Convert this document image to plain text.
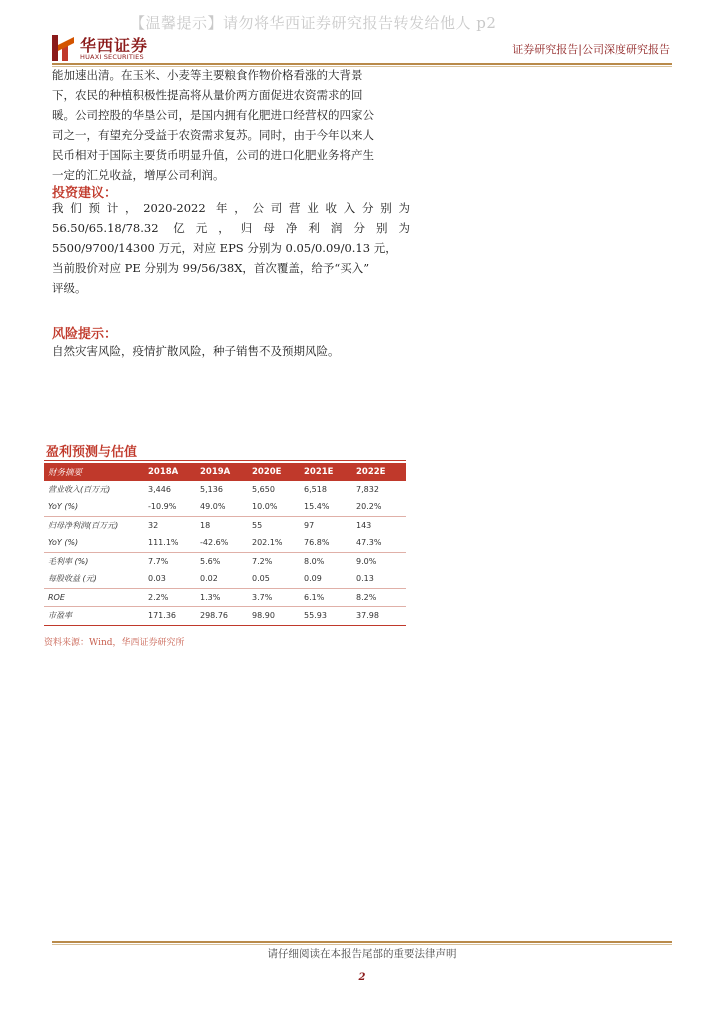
【温馨提示】请勿将华西证券研究报告转发给他人 p2
华西证券
HUAXI SECURITIES
证券研究报告|公司深度研究报告
能加速出清。在玉米、小麦等主要粮食作物价格看涨的大背景
下，农民的种植积极性提高将从量价两方面促进农资需求的回
暖。公司控股的华垦公司，是国内拥有化肥进口经营权的四家公
司之一，有望充分受益于农资需求复苏。同时，由于今年以来人
民币相对于国际主要货币明显升值，公司的进口化肥业务将产生
一定的汇兑收益，增厚公司利润。
投资建议：
我们预计，2020-2022 年，公司营业收入分别为
56.50/65.18/78.32 亿元，归母净利润分别为
5500/9700/14300 万元，对应 EPS 分别为 0.05/0.09/0.13 元，
当前股价对应 PE 分别为 99/56/38X，首次覆盖，给予“买入”
评级。
风险提示：
自然灾害风险，疫情扩散风险，种子销售不及预期风险。
盈利预测与估值
财务摘要	2018A	2019A	2020E	2021E	2022E
营业收入(百万元)	3,446	5,136	5,650	6,518	7,832
YoY (%)	-10.9%	49.0%	10.0%	15.4%	20.2%
归母净利润(百万元)	32	18	55	97	143
YoY (%)	111.1%	-42.6%	202.1%	76.8%	47.3%
毛利率 (%)	7.7%	5.6%	7.2%	8.0%	9.0%
每股收益 (元)	0.03	0.02	0.05	0.09	0.13
ROE	2.2%	1.3%	3.7%	6.1%	8.2%
市盈率	171.36	298.76	98.90	55.93	37.98
资料来源：Wind，华西证券研究所
请仔细阅读在本报告尾部的重要法律声明
2
